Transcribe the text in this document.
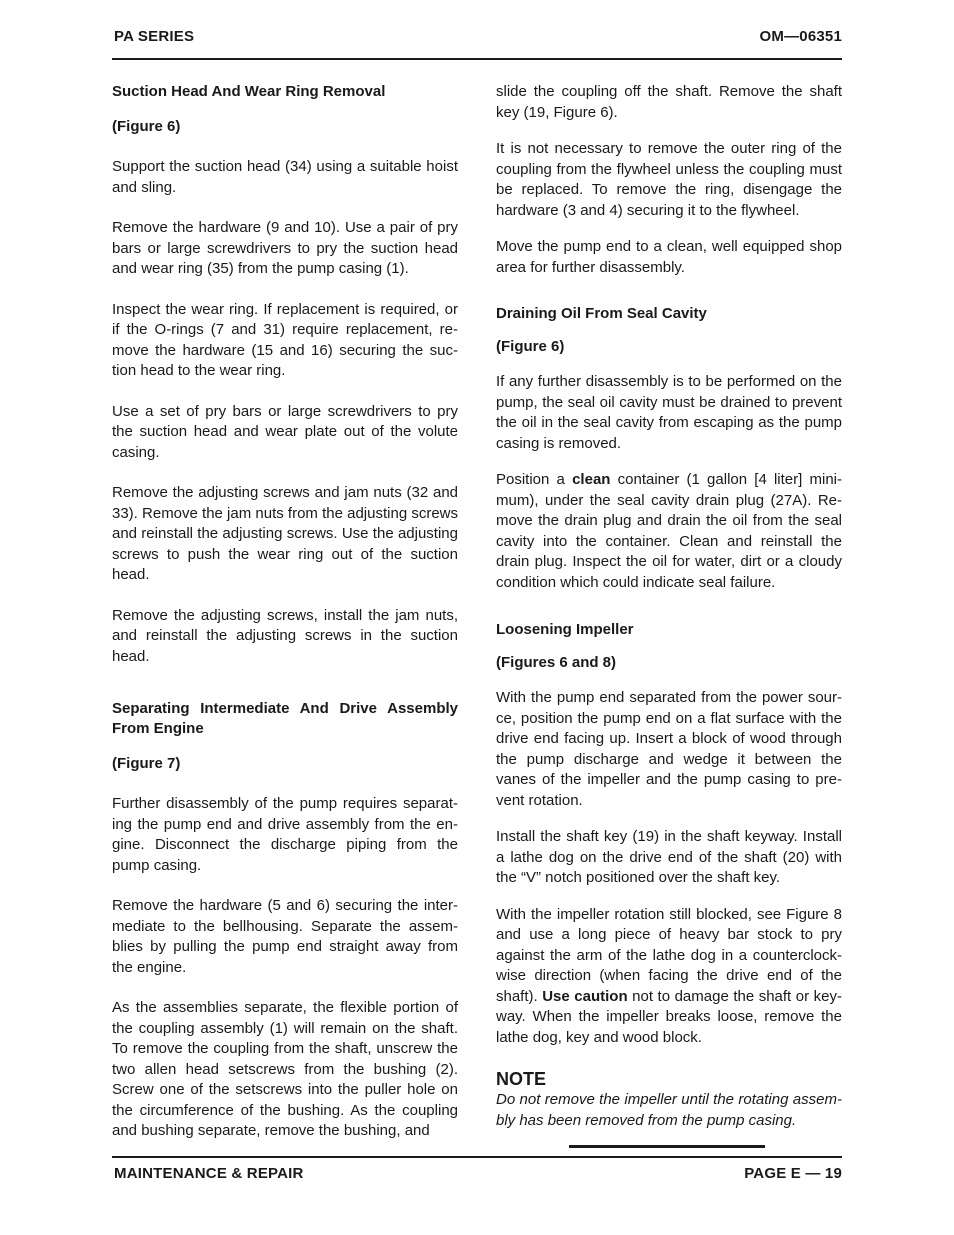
PA SERIES	OM—06351

Suction Head And Wear Ring Removal

(Figure 6)

Support the suction head (34) using a suitable hoist and sling.

Remove the hardware (9 and 10). Use a pair of pry bars or large screwdrivers to pry the suction head and wear ring (35) from the pump casing (1).

Inspect the wear ring. If replacement is required, or if the O-rings (7 and 31) require replacement, remove the hardware (15 and 16) securing the suction head to the wear ring.

Use a set of pry bars or large screwdrivers to pry the suction head and wear plate out of the volute casing.

Remove the adjusting screws and jam nuts (32 and 33). Remove the jam nuts from the adjusting screws and reinstall the adjusting screws. Use the adjusting screws to push the wear ring out of the suction head.

Remove the adjusting screws, install the jam nuts, and reinstall the adjusting screws in the suction head.

Separating Intermediate And Drive Assembly From Engine

(Figure 7)

Further disassembly of the pump requires separating the pump end and drive assembly from the engine. Disconnect the discharge piping from the pump casing.

Remove the hardware (5 and 6) securing the intermediate to the bellhousing. Separate the assemblies by pulling the pump end straight away from the engine.

As the assemblies separate, the flexible portion of the coupling assembly (1) will remain on the shaft. To remove the coupling from the shaft, unscrew the two allen head setscrews from the bushing (2). Screw one of the setscrews into the puller hole on the circumference of the bushing. As the coupling and bushing separate, remove the bushing, and

slide the coupling off the shaft. Remove the shaft key (19, Figure 6).

It is not necessary to remove the outer ring of the coupling from the flywheel unless the coupling must be replaced. To remove the ring, disengage the hardware (3 and 4) securing it to the flywheel.

Move the pump end to a clean, well equipped shop area for further disassembly.

Draining Oil From Seal Cavity

(Figure 6)

If any further disassembly is to be performed on the pump, the seal oil cavity must be drained to prevent the oil in the seal cavity from escaping as the pump casing is removed.

Position a clean container (1 gallon [4 liter] minimum), under the seal cavity drain plug (27A). Remove the drain plug and drain the oil from the seal cavity into the container. Clean and reinstall the drain plug. Inspect the oil for water, dirt or a cloudy condition which could indicate seal failure.

Loosening Impeller

(Figures 6 and 8)

With the pump end separated from the power source, position the pump end on a flat surface with the drive end facing up. Insert a block of wood through the pump discharge and wedge it between the vanes of the impeller and the pump casing to prevent rotation.

Install the shaft key (19) in the shaft keyway. Install a lathe dog on the drive end of the shaft (20) with the “V” notch positioned over the shaft key.

With the impeller rotation still blocked, see Figure 8 and use a long piece of heavy bar stock to pry against the arm of the lathe dog in a counterclockwise direction (when facing the drive end of the shaft). Use caution not to damage the shaft or keyway. When the impeller breaks loose, remove the lathe dog, key and wood block.

NOTE

Do not remove the impeller until the rotating assembly has been removed from the pump casing.

MAINTENANCE & REPAIR	PAGE E — 19
